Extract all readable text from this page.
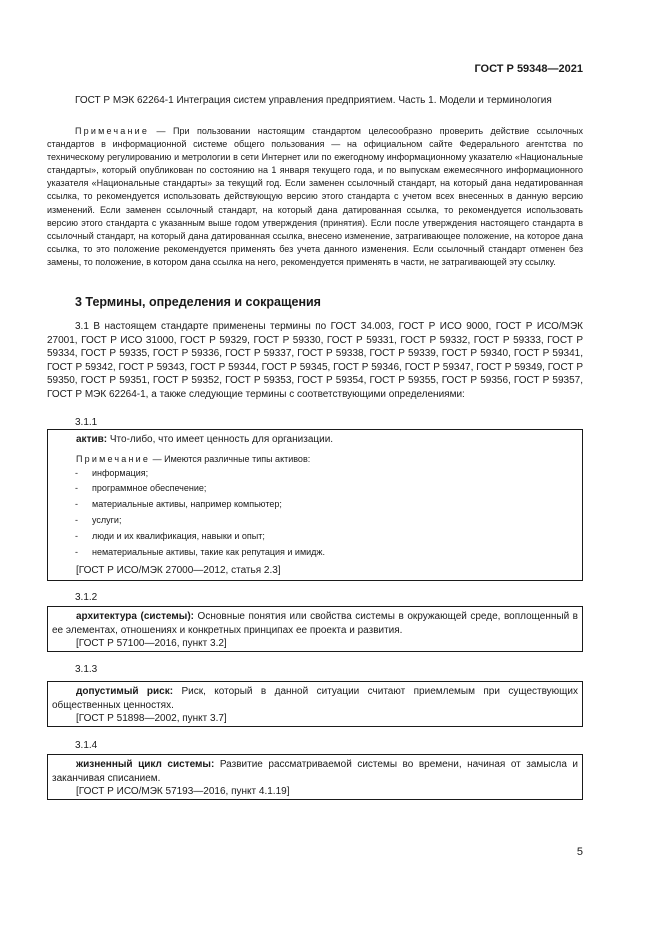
ГОСТ Р 59348—2021

ГОСТ Р МЭК 62264-1 Интеграция систем управления предприятием. Часть 1. Модели и терминология

Примечание — При пользовании настоящим стандартом целесообразно проверить действие ссылочных стандартов в информационной системе общего пользования — на официальном сайте Федерального агентства по техническому регулированию и метрологии в сети Интернет или по ежегодному информационному указателю «Национальные стандарты», который опубликован по состоянию на 1 января текущего года, и по выпускам ежемесячного информационного указателя «Национальные стандарты» за текущий год. Если заменен ссылочный стандарт, на который дана недатированная ссылка, то рекомендуется использовать действующую версию этого стандарта с учетом всех внесенных в данную версию изменений. Если заменен ссылочный стандарт, на который дана датированная ссылка, то рекомендуется использовать версию этого стандарта с указанным выше годом утверждения (принятия). Если после утверждения настоящего стандарта в ссылочный стандарт, на который дана датированная ссылка, внесено изменение, затрагивающее положение, на которое дана ссылка, то это положение рекомендуется применять без учета данного изменения. Если ссылочный стандарт отменен без замены, то положение, в котором дана ссылка на него, рекомендуется применять в части, не затрагивающей эту ссылку.

3 Термины, определения и сокращения

3.1 В настоящем стандарте применены термины по ГОСТ 34.003, ГОСТ Р ИСО 9000, ГОСТ Р ИСО/МЭК 27001, ГОСТ Р ИСО 31000, ГОСТ Р 59329, ГОСТ Р 59330, ГОСТ Р 59331, ГОСТ Р 59332, ГОСТ Р 59333, ГОСТ Р 59334, ГОСТ Р 59335, ГОСТ Р 59336, ГОСТ Р 59337, ГОСТ Р 59338, ГОСТ Р 59339, ГОСТ Р 59340, ГОСТ Р 59341, ГОСТ Р 59342, ГОСТ Р 59343, ГОСТ Р 59344, ГОСТ Р 59345, ГОСТ Р 59346, ГОСТ Р 59347, ГОСТ Р 59349, ГОСТ Р 59350, ГОСТ Р 59351, ГОСТ Р 59352, ГОСТ Р 59353, ГОСТ Р 59354, ГОСТ Р 59355, ГОСТ Р 59356, ГОСТ Р 59357, ГОСТ Р МЭК 62264-1, а также следующие термины с соответствующими определениями:

3.1.1

актив: Что-либо, что имеет ценность для организации.

Примечание — Имеются различные типы активов:

- информация;
- программное обеспечение;
- материальные активы, например компьютер;
- услуги;
- люди и их квалификация, навыки и опыт;
- нематериальные активы, такие как репутация и имидж.

[ГОСТ Р ИСО/МЭК 27000—2012, статья 2.3]

3.1.2

архитектура (системы): Основные понятия или свойства системы в окружающей среде, воплощенный в ее элементах, отношениях и конкретных принципах ее проекта и развития.

[ГОСТ Р 57100—2016, пункт 3.2]

3.1.3

допустимый риск: Риск, который в данной ситуации считают приемлемым при существующих общественных ценностях.

[ГОСТ Р 51898—2002, пункт 3.7]

3.1.4

жизненный цикл системы: Развитие рассматриваемой системы во времени, начиная от замысла и заканчивая списанием.

[ГОСТ Р ИСО/МЭК 57193—2016, пункт 4.1.19]

5
